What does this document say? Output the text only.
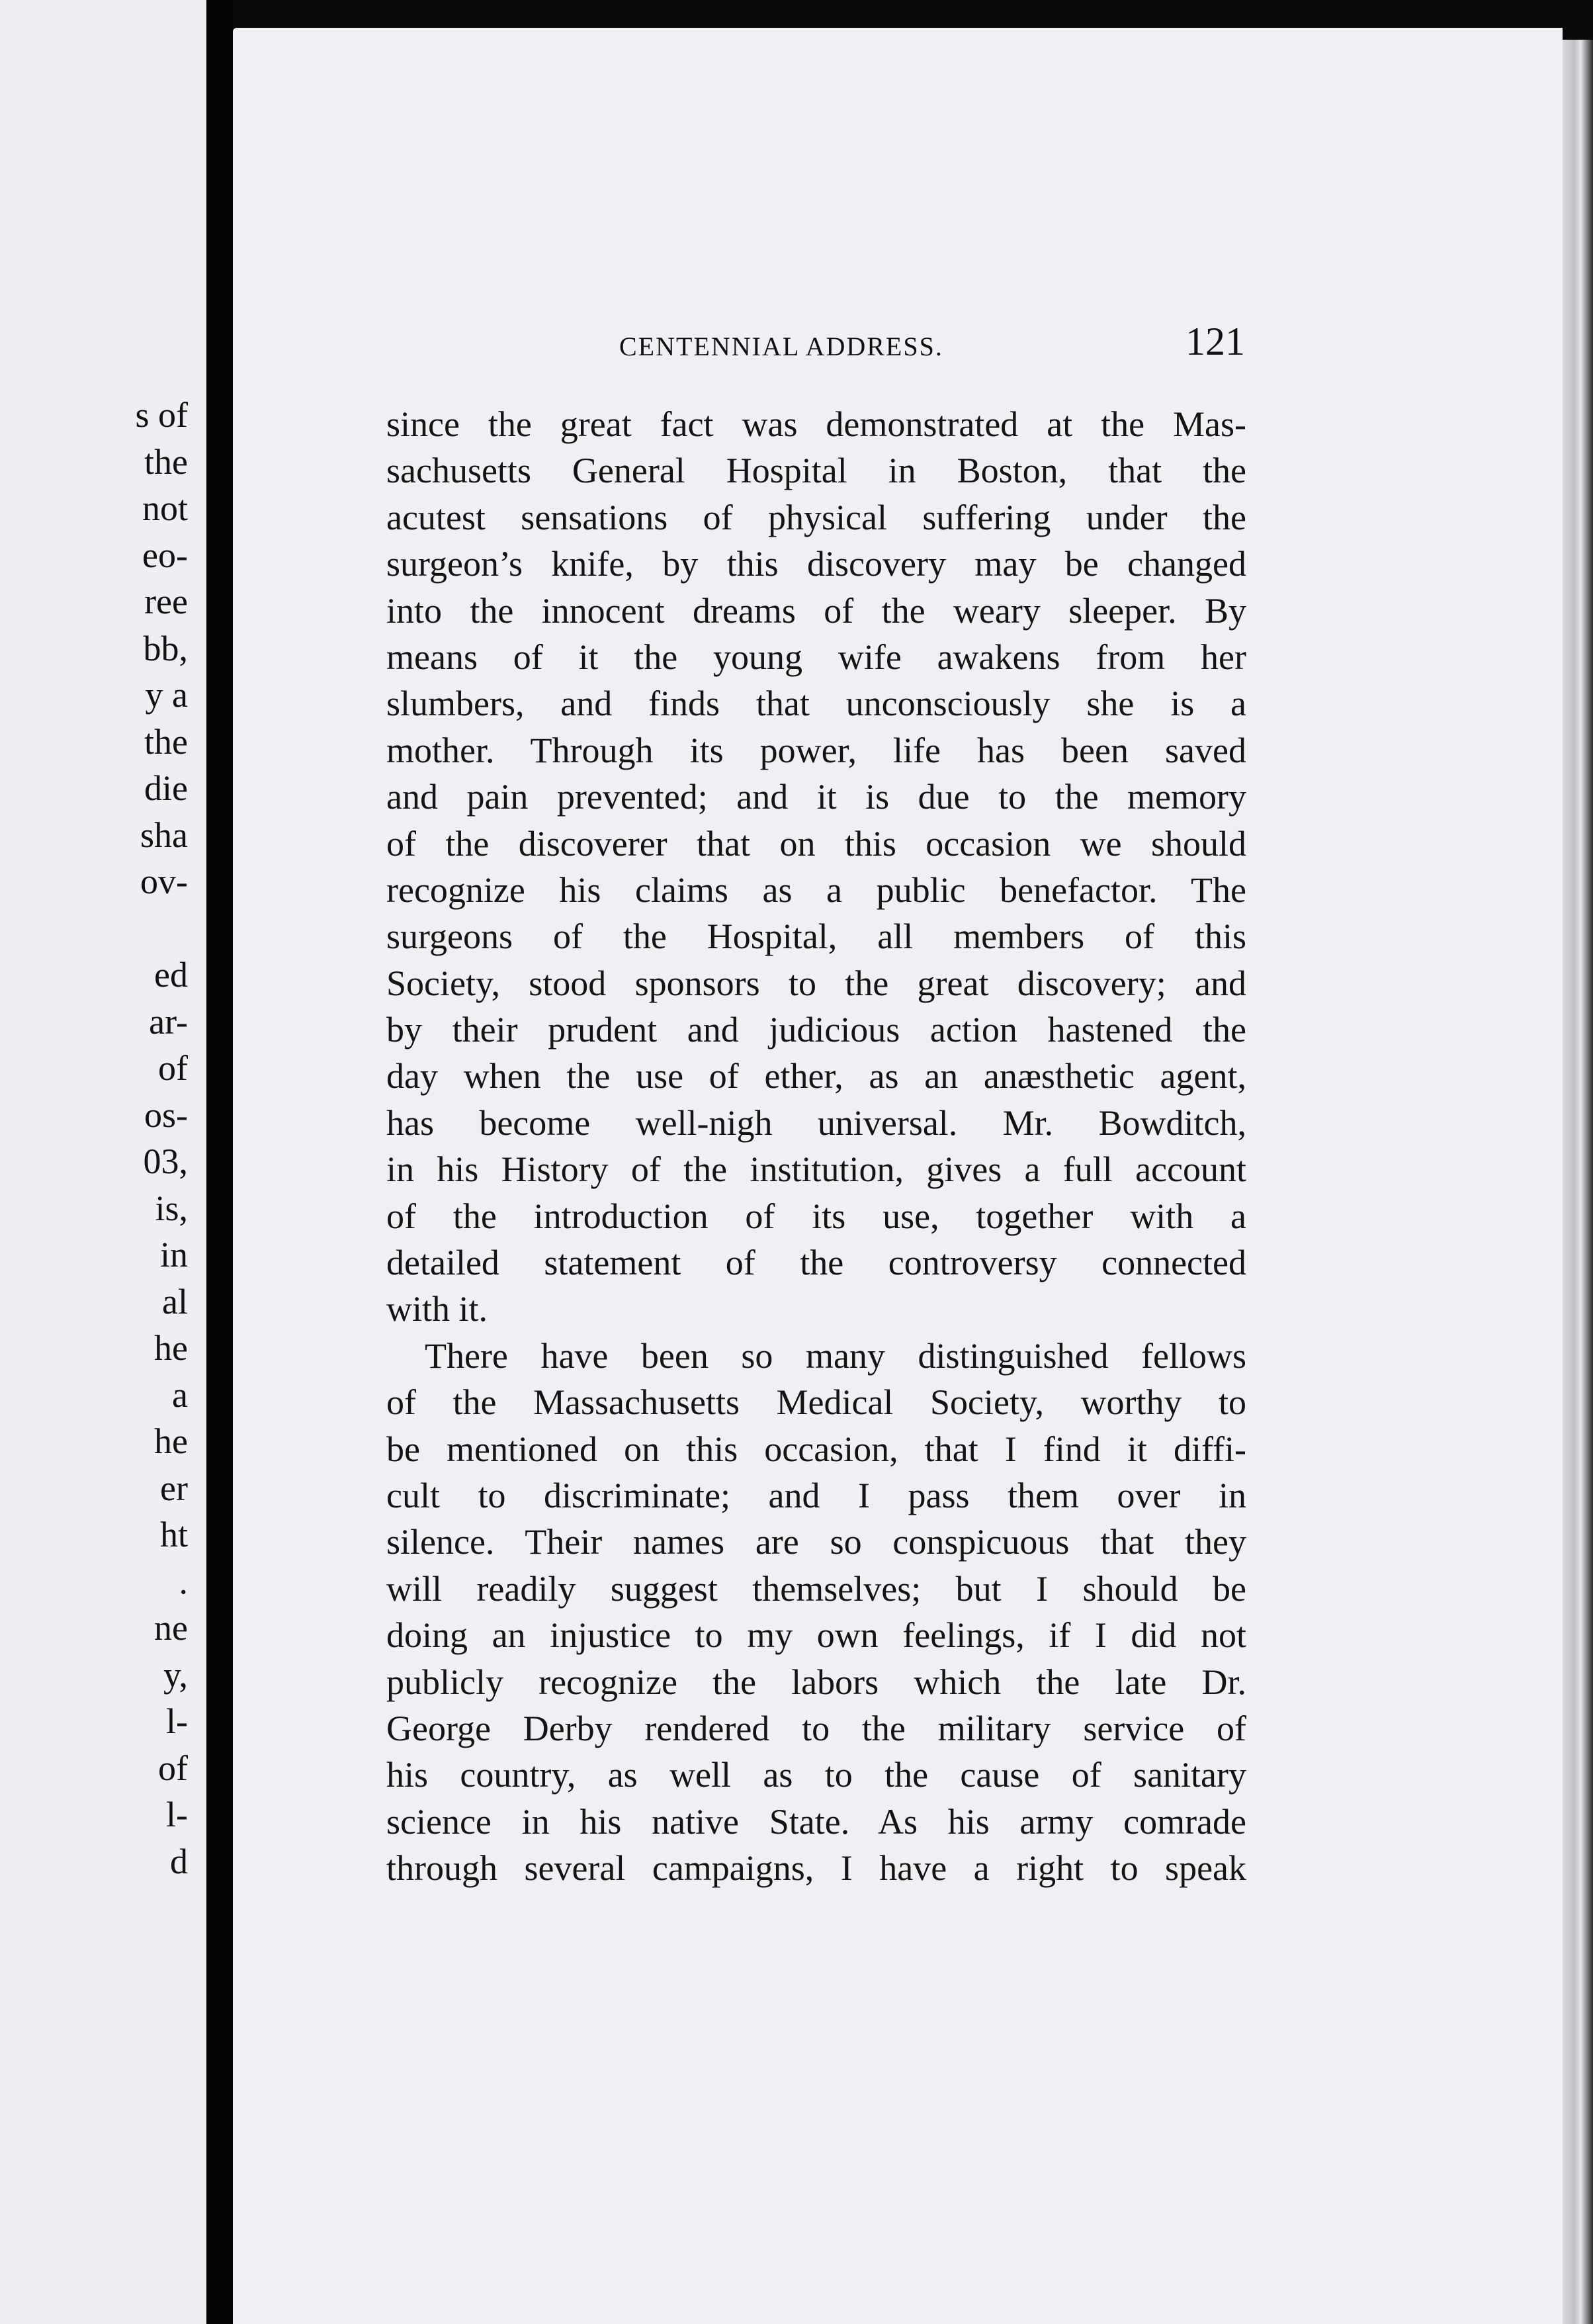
s of
the
not
eo-
ree
bb,
y a
the
die
sha
ov-
ed
ar-
of
os-
03,
is,
in
al
he
a
he
er
ht
.
ne
y,
l-
of
l-
d
CENTENNIAL ADDRESS.	121
since the great fact was demonstrated at the Mas-
sachusetts General Hospital in Boston, that the
acutest sensations of physical suffering under the
surgeon’s knife, by this discovery may be changed
into the innocent dreams of the weary sleeper. By
means of it the young wife awakens from her
slumbers, and finds that unconsciously she is a
mother. Through its power, life has been saved
and pain prevented; and it is due to the memory
of the discoverer that on this occasion we should
recognize his claims as a public benefactor. The
surgeons of the Hospital, all members of this
Society, stood sponsors to the great discovery; and
by their prudent and judicious action hastened the
day when the use of ether, as an anæsthetic agent,
has become well-nigh universal. Mr. Bowditch,
in his History of the institution, gives a full account
of the introduction of its use, together with a
detailed statement of the controversy connected
with it.
There have been so many distinguished fellows
of the Massachusetts Medical Society, worthy to
be mentioned on this occasion, that I find it diffi-
cult to discriminate; and I pass them over in
silence. Their names are so conspicuous that they
will readily suggest themselves; but I should be
doing an injustice to my own feelings, if I did not
publicly recognize the labors which the late Dr.
George Derby rendered to the military service of
his country, as well as to the cause of sanitary
science in his native State. As his army comrade
through several campaigns, I have a right to speak
